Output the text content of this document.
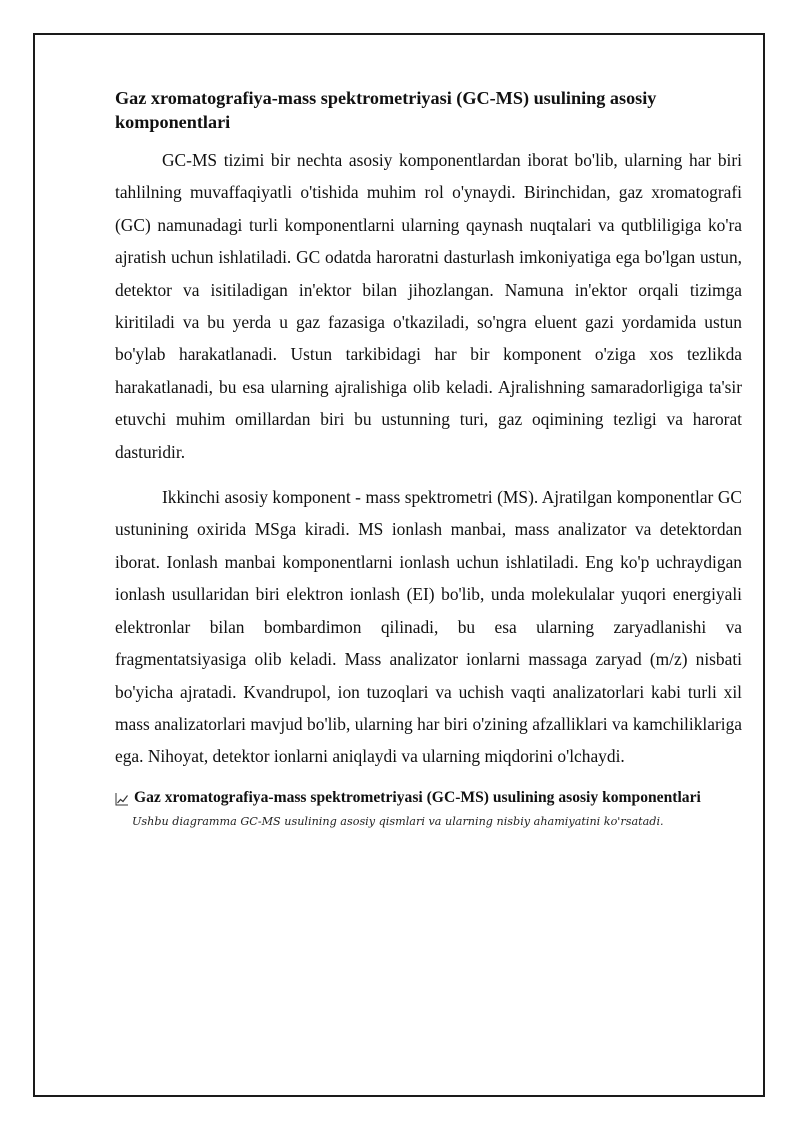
Gaz xromatografiya-mass spektrometriyasi (GC-MS) usulining asosiy komponentlari

GC-MS tizimi bir nechta asosiy komponentlardan iborat bo'lib, ularning har biri tahlilning muvaffaqiyatli o'tishida muhim rol o'ynaydi. Birinchidan, gaz xromatografi (GC) namunadagi turli komponentlarni ularning qaynash nuqtalari va qutbliligiga ko'ra ajratish uchun ishlatiladi. GC odatda haroratni dasturlash imkoniyatiga ega bo'lgan ustun, detektor va isitiladigan in'ektor bilan jihozlangan. Namuna in'ektor orqali tizimga kiritiladi va bu yerda u gaz fazasiga o'tkaziladi, so'ngra eluent gazi yordamida ustun bo'ylab harakatlanadi. Ustun tarkibidagi har bir komponent o'ziga xos tezlikda harakatlanadi, bu esa ularning ajralishiga olib keladi. Ajralishning samaradorligiga ta'sir etuvchi muhim omillardan biri bu ustunning turi, gaz oqimining tezligi va harorat dasturidir.

Ikkinchi asosiy komponent - mass spektrometri (MS). Ajratilgan komponentlar GC ustunining oxirida MSga kiradi. MS ionlash manbai, mass analizator va detektordan iborat. Ionlash manbai komponentlarni ionlash uchun ishlatiladi. Eng ko'p uchraydigan ionlash usullaridan biri elektron ionlash (EI) bo'lib, unda molekulalar yuqori energiyali elektronlar bilan bombardimon qilinadi, bu esa ularning zaryadlanishi va fragmentatsiyasiga olib keladi. Mass analizator ionlarni massaga zaryad (m/z) nisbati bo'yicha ajratadi. Kvandrupol, ion tuzoqlari va uchish vaqti analizatorlari kabi turli xil mass analizatorlari mavjud bo'lib, ularning har biri o'zining afzalliklari va kamchiliklariga ega. Nihoyat, detektor ionlarni aniqlaydi va ularning miqdorini o'lchaydi.

Gaz xromatografiya-mass spektrometriyasi (GC-MS) usulining asosiy komponentlari
Ushbu diagramma GC-MS usulining asosiy qismlari va ularning nisbiy ahamiyatini ko'rsatadi.
